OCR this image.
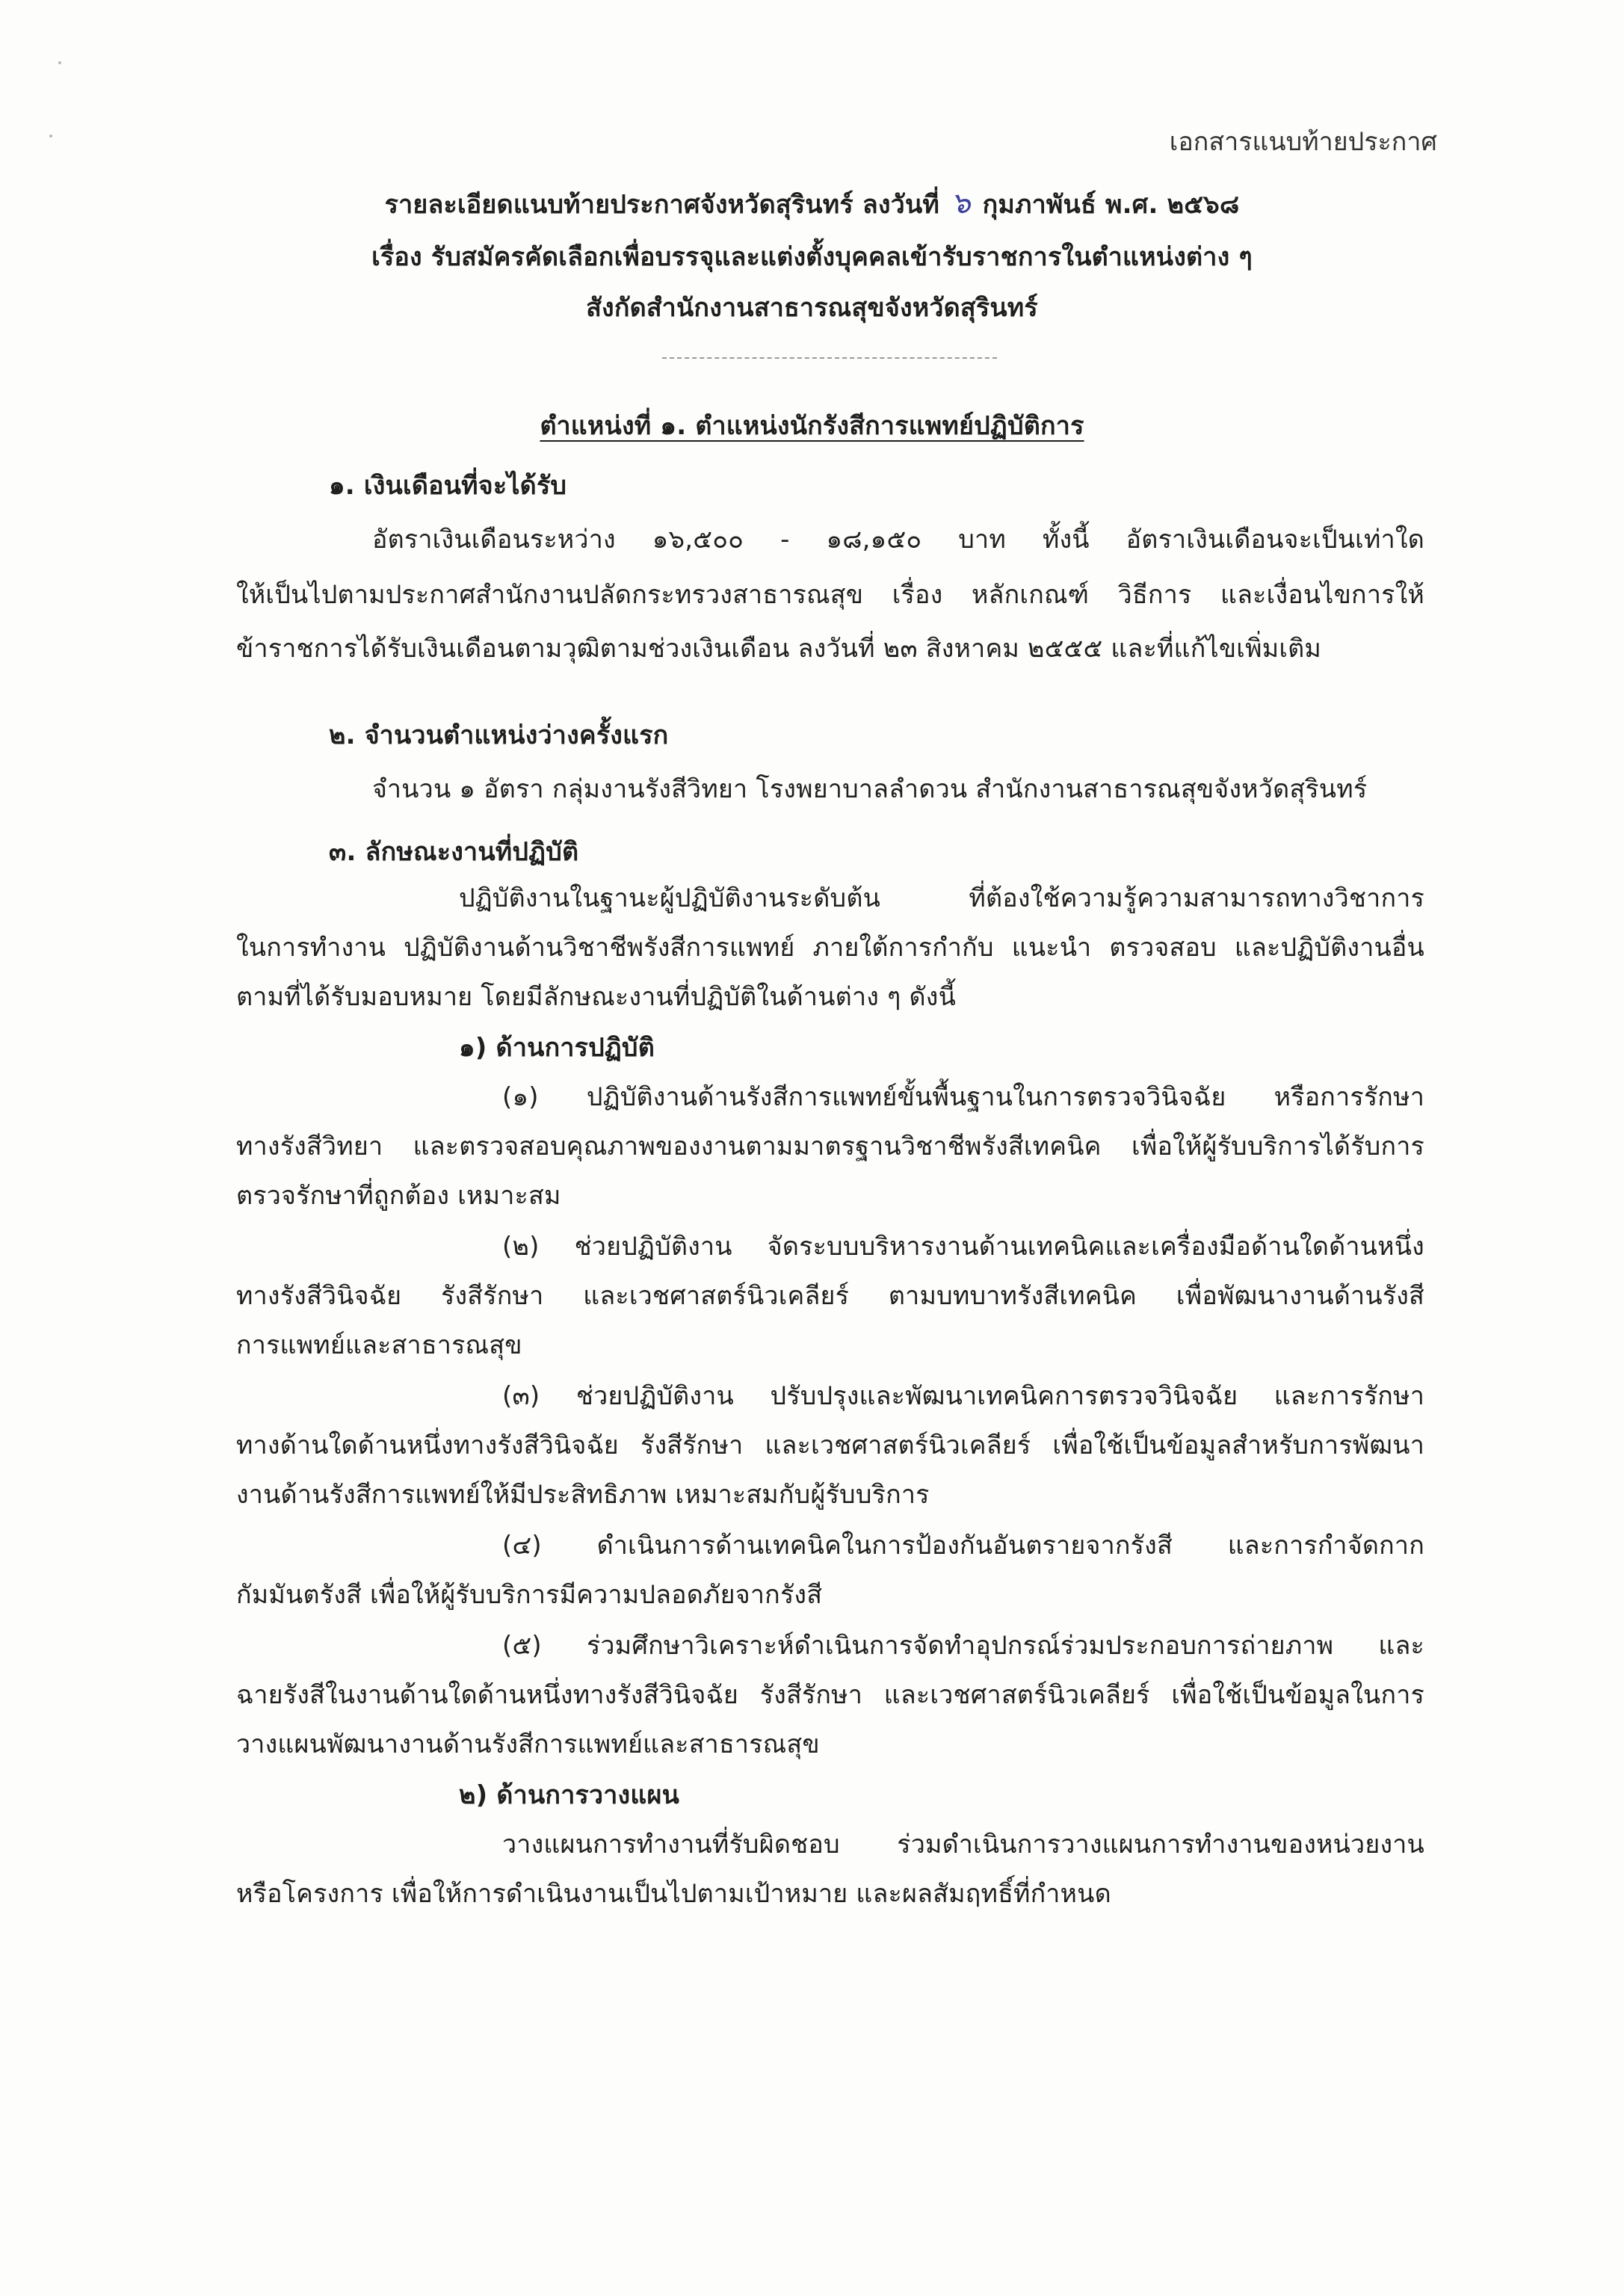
เอกสารแนบท้ายประกาศ
รายละเอียดแนบท้ายประกาศจังหวัดสุรินทร์ ลงวันที่ ๖ กุมภาพันธ์ พ.ศ. ๒๕๖๘
เรื่อง รับสมัครคัดเลือกเพื่อบรรจุและแต่งตั้งบุคคลเข้ารับราชการในตำแหน่งต่าง ๆ
สังกัดสำนักงานสาธารณสุขจังหวัดสุรินทร์
ตำแหน่งที่ ๑. ตำแหน่งนักรังสีการแพทย์ปฏิบัติการ
๑. เงินเดือนที่จะได้รับ
อัตราเงินเดือนระหว่าง ๑๖,๕๐๐ - ๑๘,๑๕๐ บาท ทั้งนี้ อัตราเงินเดือนจะเป็นเท่าใด
ให้เป็นไปตามประกาศสำนักงานปลัดกระทรวงสาธารณสุข เรื่อง หลักเกณฑ์ วิธีการ และเงื่อนไขการให้
ข้าราชการได้รับเงินเดือนตามวุฒิตามช่วงเงินเดือน ลงวันที่ ๒๓ สิงหาคม ๒๕๕๕ และที่แก้ไขเพิ่มเติม
๒. จำนวนตำแหน่งว่างครั้งแรก
จำนวน ๑ อัตรา กลุ่มงานรังสีวิทยา โรงพยาบาลลำดวน สำนักงานสาธารณสุขจังหวัดสุรินทร์
๓. ลักษณะงานที่ปฏิบัติ
ปฏิบัติงานในฐานะผู้ปฏิบัติงานระดับต้น ที่ต้องใช้ความรู้ความสามารถทางวิชาการ
ในการทำงาน ปฏิบัติงานด้านวิชาชีพรังสีการแพทย์ ภายใต้การกำกับ แนะนำ ตรวจสอบ และปฏิบัติงานอื่น
ตามที่ได้รับมอบหมาย โดยมีลักษณะงานที่ปฏิบัติในด้านต่าง ๆ ดังนี้
๑) ด้านการปฏิบัติ
(๑) ปฏิบัติงานด้านรังสีการแพทย์ขั้นพื้นฐานในการตรวจวินิจฉัย หรือการรักษา
ทางรังสีวิทยา และตรวจสอบคุณภาพของงานตามมาตรฐานวิชาชีพรังสีเทคนิค เพื่อให้ผู้รับบริการได้รับการ
ตรวจรักษาที่ถูกต้อง เหมาะสม
(๒) ช่วยปฏิบัติงาน จัดระบบบริหารงานด้านเทคนิคและเครื่องมือด้านใดด้านหนึ่ง
ทางรังสีวินิจฉัย รังสีรักษา และเวชศาสตร์นิวเคลียร์ ตามบทบาทรังสีเทคนิค เพื่อพัฒนางานด้านรังสี
การแพทย์และสาธารณสุข
(๓) ช่วยปฏิบัติงาน ปรับปรุงและพัฒนาเทคนิคการตรวจวินิจฉัย และการรักษา
ทางด้านใดด้านหนึ่งทางรังสีวินิจฉัย รังสีรักษา และเวชศาสตร์นิวเคลียร์ เพื่อใช้เป็นข้อมูลสำหรับการพัฒนา
งานด้านรังสีการแพทย์ให้มีประสิทธิภาพ เหมาะสมกับผู้รับบริการ
(๔) ดำเนินการด้านเทคนิคในการป้องกันอันตรายจากรังสี และการกำจัดกาก
กัมมันตรังสี เพื่อให้ผู้รับบริการมีความปลอดภัยจากรังสี
(๕) ร่วมศึกษาวิเคราะห์ดำเนินการจัดทำอุปกรณ์ร่วมประกอบการถ่ายภาพ และ
ฉายรังสีในงานด้านใดด้านหนึ่งทางรังสีวินิจฉัย รังสีรักษา และเวชศาสตร์นิวเคลียร์ เพื่อใช้เป็นข้อมูลในการ
วางแผนพัฒนางานด้านรังสีการแพทย์และสาธารณสุข
๒) ด้านการวางแผน
วางแผนการทำงานที่รับผิดชอบ ร่วมดำเนินการวางแผนการทำงานของหน่วยงาน
หรือโครงการ เพื่อให้การดำเนินงานเป็นไปตามเป้าหมาย และผลสัมฤทธิ์ที่กำหนด
